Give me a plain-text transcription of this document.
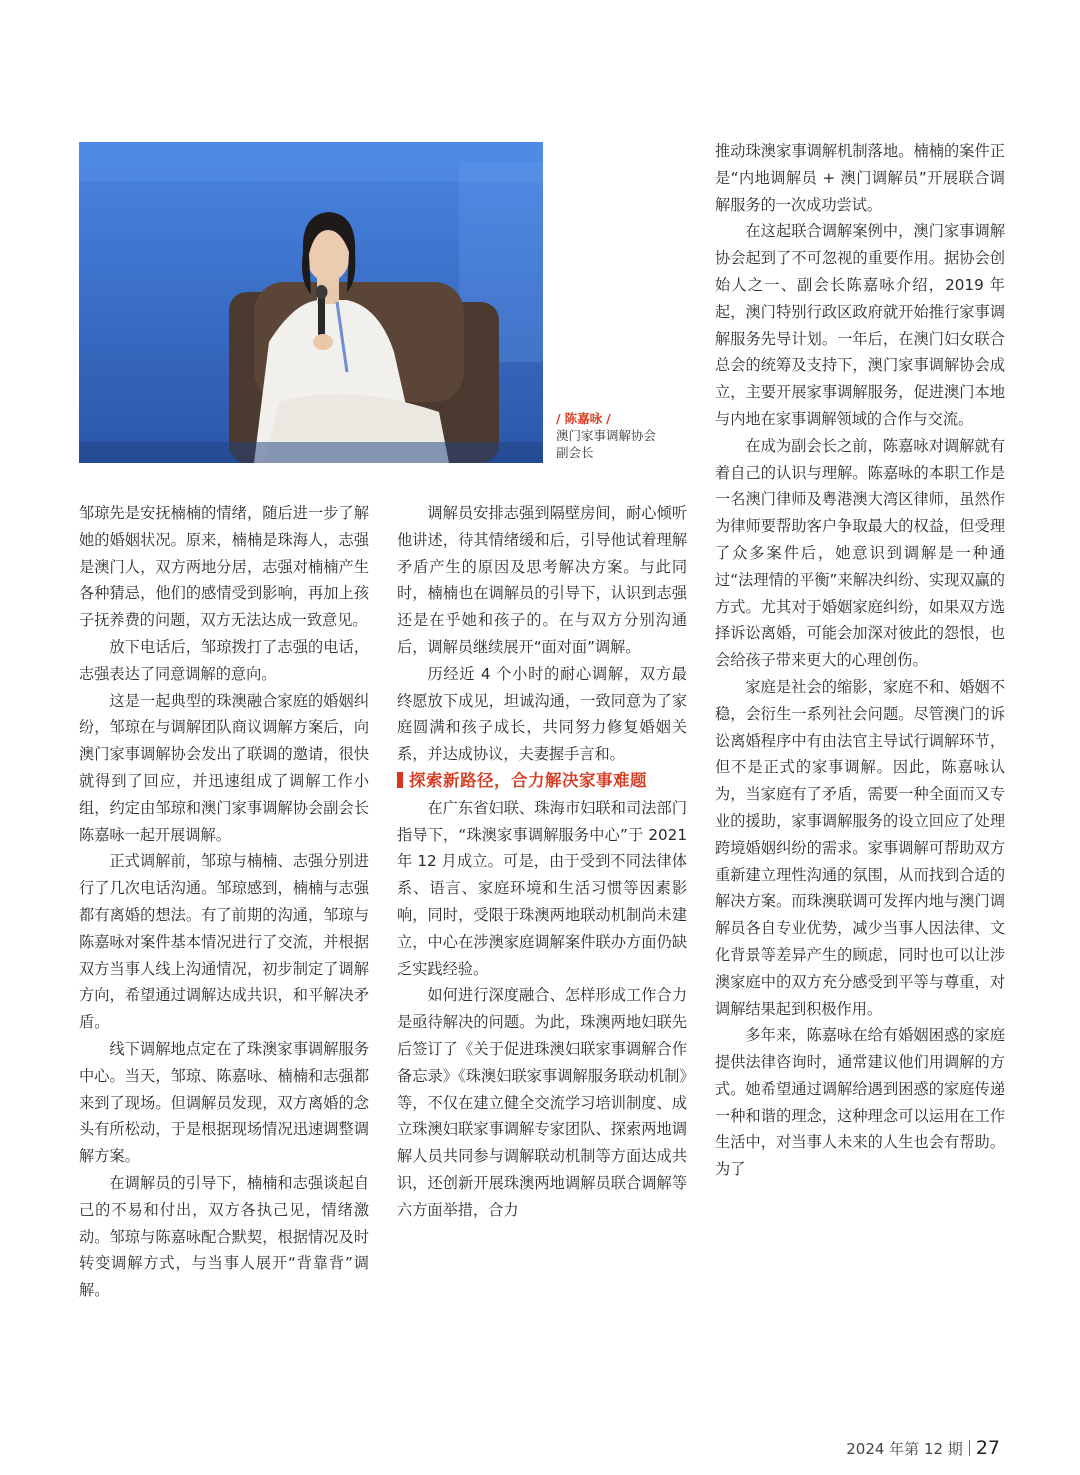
/ 陈嘉咏 /
澳门家事调解协会
副会长

邹琼先是安抚楠楠的情绪，随后进一步了解她的婚姻状况。原来，楠楠是珠海人，志强是澳门人，双方两地分居，志强对楠楠产生各种猜忌，他们的感情受到影响，再加上孩子抚养费的问题，双方无法达成一致意见。

放下电话后，邹琼拨打了志强的电话，志强表达了同意调解的意向。

这是一起典型的珠澳融合家庭的婚姻纠纷，邹琼在与调解团队商议调解方案后，向澳门家事调解协会发出了联调的邀请，很快就得到了回应，并迅速组成了调解工作小组，约定由邹琼和澳门家事调解协会副会长陈嘉咏一起开展调解。

正式调解前，邹琼与楠楠、志强分别进行了几次电话沟通。邹琼感到，楠楠与志强都有离婚的想法。有了前期的沟通，邹琼与陈嘉咏对案件基本情况进行了交流，并根据双方当事人线上沟通情况，初步制定了调解方向，希望通过调解达成共识，和平解决矛盾。

线下调解地点定在了珠澳家事调解服务中心。当天，邹琼、陈嘉咏、楠楠和志强都来到了现场。但调解员发现，双方离婚的念头有所松动，于是根据现场情况迅速调整调解方案。

在调解员的引导下，楠楠和志强谈起自己的不易和付出，双方各执己见，情绪激动。邹琼与陈嘉咏配合默契，根据情况及时转变调解方式，与当事人展开“背靠背”调解。

调解员安排志强到隔壁房间，耐心倾听他讲述，待其情绪缓和后，引导他试着理解矛盾产生的原因及思考解决方案。与此同时，楠楠也在调解员的引导下，认识到志强还是在乎她和孩子的。在与双方分别沟通后，调解员继续展开“面对面”调解。

历经近 4 个小时的耐心调解，双方最终愿放下成见，坦诚沟通，一致同意为了家庭圆满和孩子成长，共同努力修复婚姻关系，并达成协议，夫妻握手言和。

探索新路径，合力解决家事难题

在广东省妇联、珠海市妇联和司法部门指导下，“珠澳家事调解服务中心”于 2021 年 12 月成立。可是，由于受到不同法律体系、语言、家庭环境和生活习惯等因素影响，同时，受限于珠澳两地联动机制尚未建立，中心在涉澳家庭调解案件联办方面仍缺乏实践经验。

如何进行深度融合、怎样形成工作合力是亟待解决的问题。为此，珠澳两地妇联先后签订了《关于促进珠澳妇联家事调解合作备忘录》《珠澳妇联家事调解服务联动机制》等，不仅在建立健全交流学习培训制度、成立珠澳妇联家事调解专家团队、探索两地调解人员共同参与调解联动机制等方面达成共识，还创新开展珠澳两地调解员联合调解等六方面举措，合力

推动珠澳家事调解机制落地。楠楠的案件正是“内地调解员 + 澳门调解员”开展联合调解服务的一次成功尝试。

在这起联合调解案例中，澳门家事调解协会起到了不可忽视的重要作用。据协会创始人之一、副会长陈嘉咏介绍，2019 年起，澳门特别行政区政府就开始推行家事调解服务先导计划。一年后，在澳门妇女联合总会的统筹及支持下，澳门家事调解协会成立，主要开展家事调解服务，促进澳门本地与内地在家事调解领域的合作与交流。

在成为副会长之前，陈嘉咏对调解就有着自己的认识与理解。陈嘉咏的本职工作是一名澳门律师及粤港澳大湾区律师，虽然作为律师要帮助客户争取最大的权益，但受理了众多案件后，她意识到调解是一种通过“法理情的平衡”来解决纠纷、实现双赢的方式。尤其对于婚姻家庭纠纷，如果双方选择诉讼离婚，可能会加深对彼此的怨恨，也会给孩子带来更大的心理创伤。

家庭是社会的缩影，家庭不和、婚姻不稳，会衍生一系列社会问题。尽管澳门的诉讼离婚程序中有由法官主导试行调解环节，但不是正式的家事调解。因此，陈嘉咏认为，当家庭有了矛盾，需要一种全面而又专业的援助，家事调解服务的设立回应了处理跨境婚姻纠纷的需求。家事调解可帮助双方重新建立理性沟通的氛围，从而找到合适的解决方案。而珠澳联调可发挥内地与澳门调解员各自专业优势，减少当事人因法律、文化背景等差异产生的顾虑，同时也可以让涉澳家庭中的双方充分感受到平等与尊重，对调解结果起到积极作用。

多年来，陈嘉咏在给有婚姻困惑的家庭提供法律咨询时，通常建议他们用调解的方式。她希望通过调解给遇到困惑的家庭传递一种和谐的理念，这种理念可以运用在工作生活中，对当事人未来的人生也会有帮助。为了

2024 年第 12 期 27
